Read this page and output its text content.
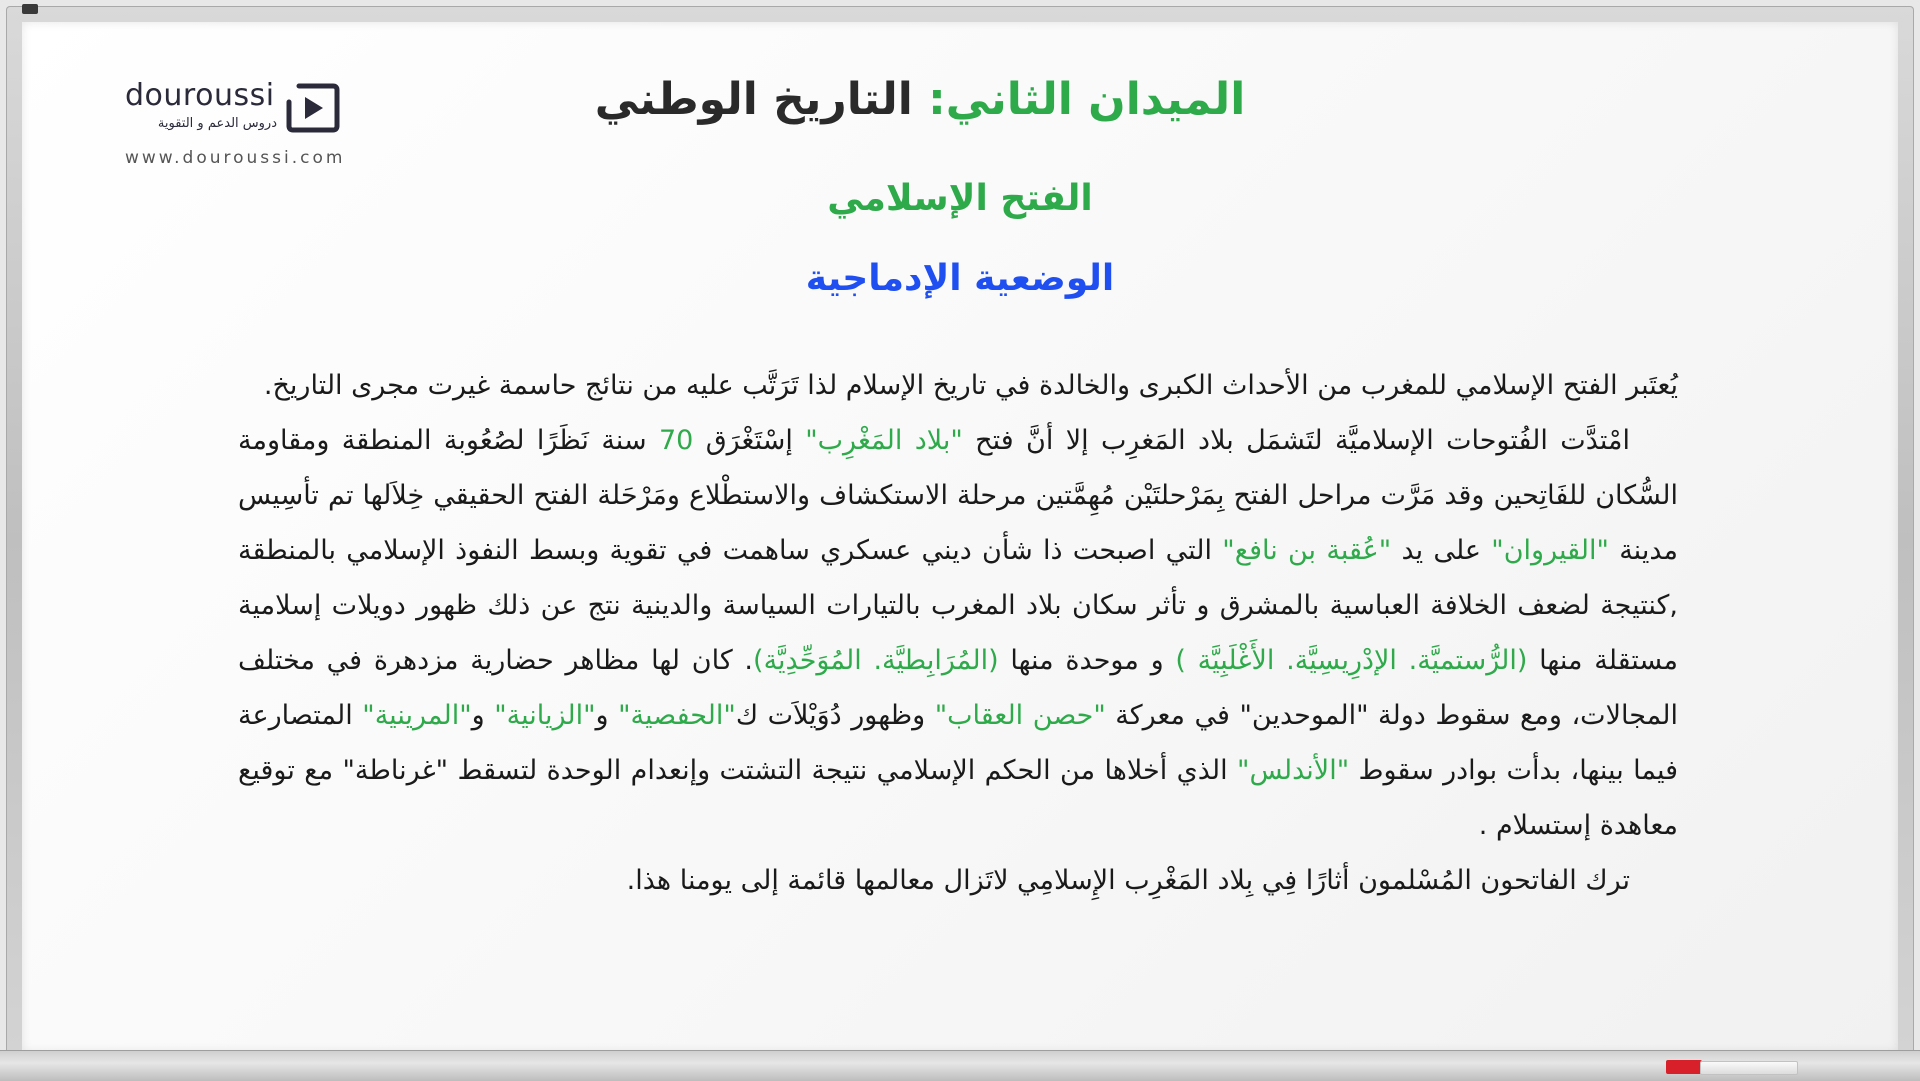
douroussi
دروس الدعم و التقوية
www.douroussi.com
الميدان الثاني: التاريخ الوطني
الفتح الإسلامي
الوضعية الإدماجية

يُعتَبر الفتح الإسلامي للمغرب من الأحداث الكبرى والخالدة في تاريخ الإسلام لذا تَرَتَّب عليه من نتائج حاسمة غيرت مجرى التاريخ.

امْتدَّت الفُتوحات الإسلاميَّة لتَشمَل بلاد المَغرِب إلا أنَّ فتح "بلاد المَغْرِب" إسْتَغْرَق 70 سنة نَظَرًا لصُعُوبة المنطقة ومقاومة السُّكان للفَاتِحين وقد مَرَّت مراحل الفتح بِمَرْحلتَيْن مُهِمَّتين مرحلة الاستكشاف والاستطْلاع ومَرْحَلة الفتح الحقيقي خِلاَلها تم تأسِيس مدينة "القيروان" على يد "عُقبة بن نافع" التي اصبحت ذا شأن ديني عسكري ساهمت في تقوية وبسط النفوذ الإسلامي بالمنطقة ,كنتيجة لضعف الخلافة العباسية بالمشرق و تأثر سكان بلاد المغرب بالتيارات السياسة والدينية نتج عن ذلك ظهور دويلات إسلامية مستقلة منها (الرُّستميَّة. الإدْرِيسِيَّة. الأَغْلَبِيَّة ) و موحدة منها (المُرَابِطيَّة. المُوَحِّدِيَّة). كان لها مظاهر حضارية مزدهرة في مختلف المجالات، ومع سقوط دولة "الموحدين" في معركة "حصن العقاب" وظهور دُوَيْلاَت ك"الحفصية" و"الزيانية" و"المرينية" المتصارعة فيما بينها، بدأت بوادر سقوط "الأندلس" الذي أخلاها من الحكم الإسلامي نتيجة التشتت وإنعدام الوحدة لتسقط "غرناطة" مع توقيع معاهدة إستسلام .

ترك الفاتحون المُسْلمون أثارًا فِي بِلاد المَغْرِب الإِسلامِي لاتَزال معالمها قائمة إلى يومنا هذا.
